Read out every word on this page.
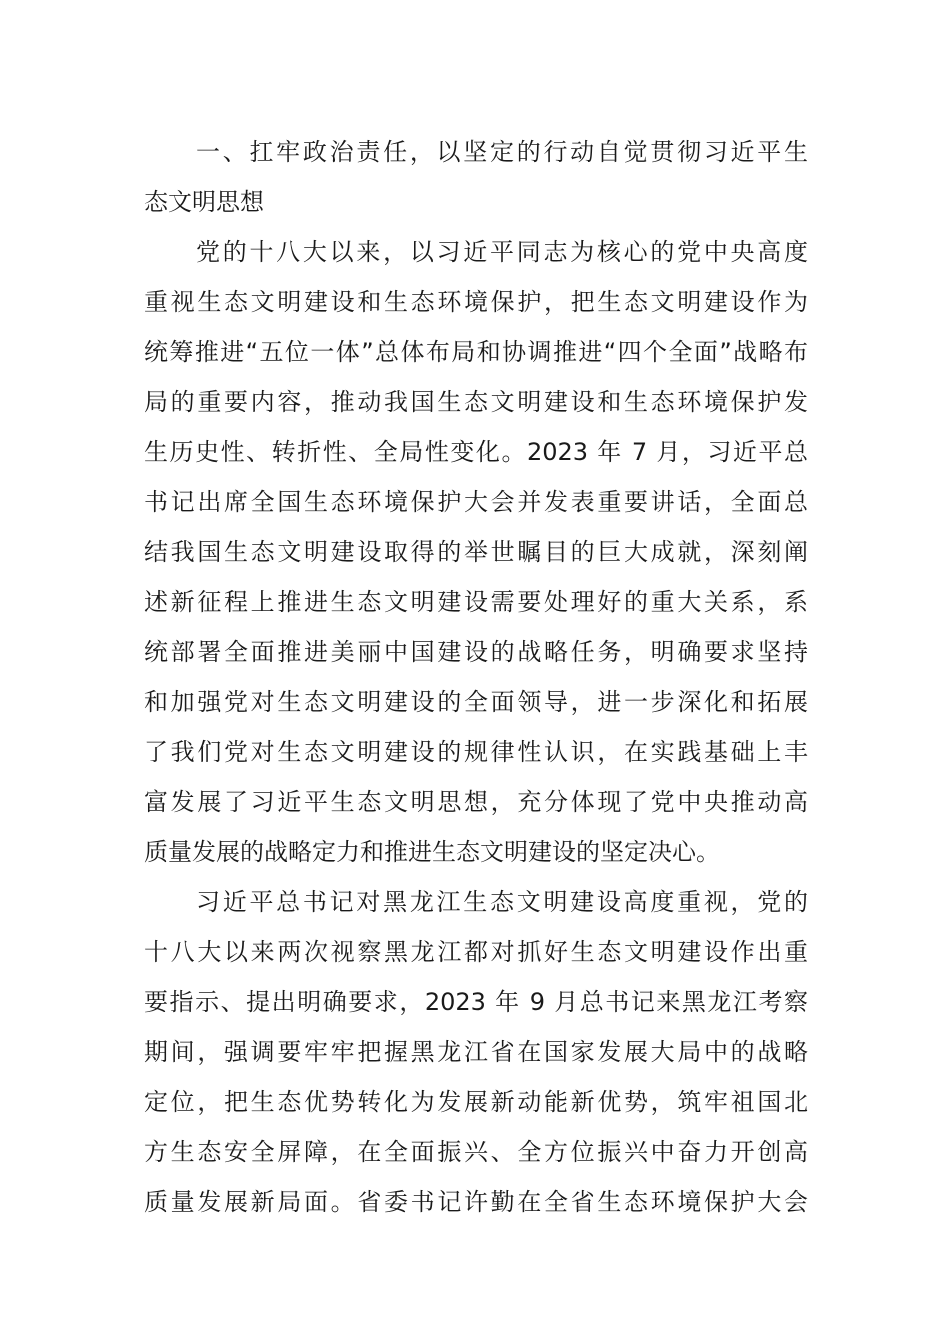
一、扛牢政治责任，以坚定的行动自觉贯彻习近平生
态文明思想
党的十八大以来，以习近平同志为核心的党中央高度
重视生态文明建设和生态环境保护，把生态文明建设作为
统筹推进“五位一体”总体布局和协调推进“四个全面”战略布
局的重要内容，推动我国生态文明建设和生态环境保护发
生历史性、转折性、全局性变化。2023 年 7 月，习近平总
书记出席全国生态环境保护大会并发表重要讲话，全面总
结我国生态文明建设取得的举世瞩目的巨大成就，深刻阐
述新征程上推进生态文明建设需要处理好的重大关系，系
统部署全面推进美丽中国建设的战略任务，明确要求坚持
和加强党对生态文明建设的全面领导，进一步深化和拓展
了我们党对生态文明建设的规律性认识，在实践基础上丰
富发展了习近平生态文明思想，充分体现了党中央推动高
质量发展的战略定力和推进生态文明建设的坚定决心。
习近平总书记对黑龙江生态文明建设高度重视，党的
十八大以来两次视察黑龙江都对抓好生态文明建设作出重
要指示、提出明确要求，2023 年 9 月总书记来黑龙江考察
期间，强调要牢牢把握黑龙江省在国家发展大局中的战略
定位，把生态优势转化为发展新动能新优势，筑牢祖国北
方生态安全屏障，在全面振兴、全方位振兴中奋力开创高
质量发展新局面。省委书记许勤在全省生态环境保护大会
